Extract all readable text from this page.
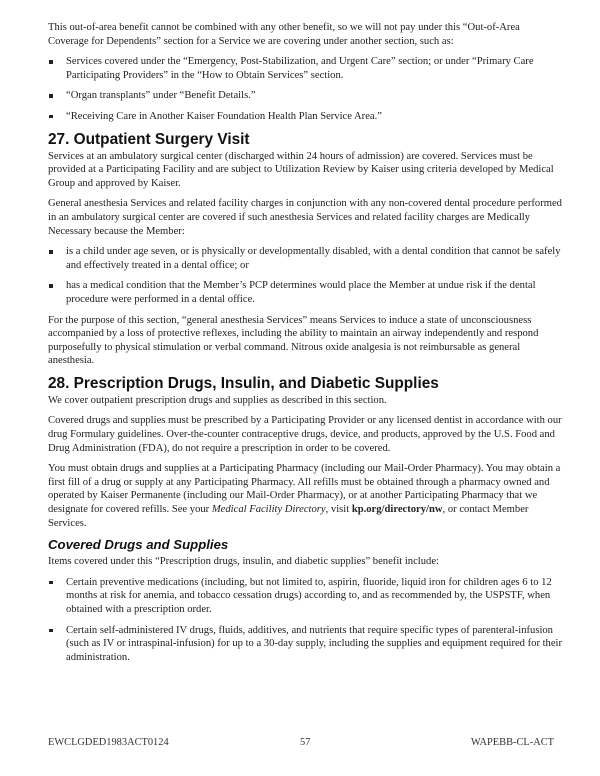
This out-of-area benefit cannot be combined with any other benefit, so we will not pay under this “Out-of-Area Coverage for Dependents” section for a Service we are covering under another section, such as:

Services covered under the “Emergency, Post-Stabilization, and Urgent Care” section; or under “Primary Care Participating Providers” in the “How to Obtain Services” section.
“Organ transplants” under “Benefit Details.”
“Receiving Care in Another Kaiser Foundation Health Plan Service Area.”
27. Outpatient Surgery Visit

Services at an ambulatory surgical center (discharged within 24 hours of admission) are covered. Services must be provided at a Participating Facility and are subject to Utilization Review by Kaiser using criteria developed by Medical Group and approved by Kaiser.

General anesthesia Services and related facility charges in conjunction with any non-covered dental procedure performed in an ambulatory surgical center are covered if such anesthesia Services and related facility charges are Medically Necessary because the Member:

is a child under age seven, or is physically or developmentally disabled, with a dental condition that cannot be safely and effectively treated in a dental office; or
has a medical condition that the Member’s PCP determines would place the Member at undue risk if the dental procedure were performed in a dental office.

For the purpose of this section, “general anesthesia Services” means Services to induce a state of unconsciousness accompanied by a loss of protective reflexes, including the ability to maintain an airway independently and respond purposefully to physical stimulation or verbal command. Nitrous oxide analgesia is not reimbursable as general anesthesia.

28. Prescription Drugs, Insulin, and Diabetic Supplies

We cover outpatient prescription drugs and supplies as described in this section.

Covered drugs and supplies must be prescribed by a Participating Provider or any licensed dentist in accordance with our drug Formulary guidelines. Over-the-counter contraceptive drugs, device, and products, approved by the U.S. Food and Drug Administration (FDA), do not require a prescription in order to be covered.

You must obtain drugs and supplies at a Participating Pharmacy (including our Mail-Order Pharmacy). You may obtain a first fill of a drug or supply at any Participating Pharmacy. All refills must be obtained through a pharmacy owned and operated by Kaiser Permanente (including our Mail-Order Pharmacy), or at another Participating Pharmacy that we designate for covered refills. See your Medical Facility Directory, visit kp.org/directory/nw, or contact Member Services.

Covered Drugs and Supplies

Items covered under this “Prescription drugs, insulin, and diabetic supplies” benefit include:

Certain preventive medications (including, but not limited to, aspirin, fluoride, liquid iron for children ages 6 to 12 months at risk for anemia, and tobacco cessation drugs) according to, and as recommended by, the USPSTF, when obtained with a prescription order.
Certain self-administered IV drugs, fluids, additives, and nutrients that require specific types of parenteral-infusion (such as IV or intraspinal-infusion) for up to a 30-day supply, including the supplies and equipment required for their administration.
EWCLGDED1983ACT0124	57	WAPEBB-CL-ACT
